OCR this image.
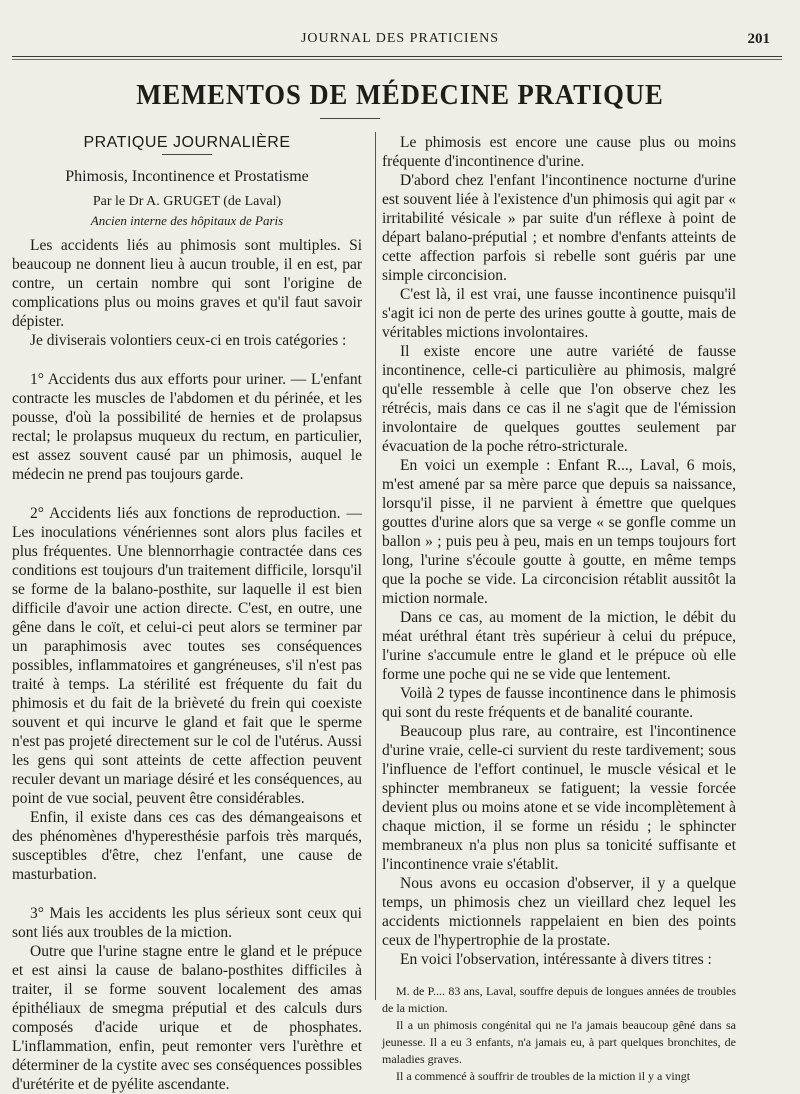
JOURNAL DES PRATICIENS	201
MEMENTOS DE MÉDECINE PRATIQUE
PRATIQUE JOURNALIÈRE
Phimosis, Incontinence et Prostatisme
Par le Dr A. GRUGET (de Laval)
Ancien interne des hôpitaux de Paris

Les accidents liés au phimosis sont multiples. Si beaucoup ne donnent lieu à aucun trouble, il en est, par contre, un certain nombre qui sont l'origine de complications plus ou moins graves et qu'il faut savoir dépister.

Je diviserais volontiers ceux-ci en trois catégories :

1° Accidents dus aux efforts pour uriner. — L'enfant contracte les muscles de l'abdomen et du périnée, et les pousse, d'où la possibilité de hernies et de prolapsus rectal; le prolapsus muqueux du rectum, en particulier, est assez souvent causé par un phimosis, auquel le médecin ne prend pas toujours garde.

2° Accidents liés aux fonctions de reproduction. — Les inoculations vénériennes sont alors plus faciles et plus fréquentes. Une blennorrhagie contractée dans ces conditions est toujours d'un traitement difficile, lorsqu'il se forme de la balano-posthite, sur laquelle il est bien difficile d'avoir une action directe. C'est, en outre, une gêne dans le coït, et celui-ci peut alors se terminer par un paraphimosis avec toutes ses conséquences possibles, inflammatoires et gangréneuses, s'il n'est pas traité à temps. La stérilité est fréquente du fait du phimosis et du fait de la brièveté du frein qui coexiste souvent et qui incurve le gland et fait que le sperme n'est pas projeté directement sur le col de l'utérus. Aussi les gens qui sont atteints de cette affection peuvent reculer devant un mariage désiré et les conséquences, au point de vue social, peuvent être considérables.

Enfin, il existe dans ces cas des démangeaisons et des phénomènes d'hyperesthésie parfois très marqués, susceptibles d'être, chez l'enfant, une cause de masturbation.

3° Mais les accidents les plus sérieux sont ceux qui sont liés aux troubles de la miction.

Outre que l'urine stagne entre le gland et le prépuce et est ainsi la cause de balano-posthites difficiles à traiter, il se forme souvent localement des amas épithéliaux de smegma préputial et des calculs durs composés d'acide urique et de phosphates. L'inflammation, enfin, peut remonter vers l'urèthre et déterminer de la cystite avec ses conséquences possibles d'urétérite et de pyélite ascendante.

Le phimosis est encore une cause plus ou moins fréquente d'incontinence d'urine.

D'abord chez l'enfant l'incontinence nocturne d'urine est souvent liée à l'existence d'un phimosis qui agit par « irritabilité vésicale » par suite d'un réflexe à point de départ balano-préputial ; et nombre d'enfants atteints de cette affection parfois si rebelle sont guéris par une simple circoncision.

C'est là, il est vrai, une fausse incontinence puisqu'il s'agit ici non de perte des urines goutte à goutte, mais de véritables mictions involontaires.

Il existe encore une autre variété de fausse incontinence, celle-ci particulière au phimosis, malgré qu'elle ressemble à celle que l'on observe chez les rétrécis, mais dans ce cas il ne s'agit que de l'émission involontaire de quelques gouttes seulement par évacuation de la poche rétro-stricturale.

En voici un exemple : Enfant R..., Laval, 6 mois, m'est amené par sa mère parce que depuis sa naissance, lorsqu'il pisse, il ne parvient à émettre que quelques gouttes d'urine alors que sa verge « se gonfle comme un ballon » ; puis peu à peu, mais en un temps toujours fort long, l'urine s'écoule goutte à goutte, en même temps que la poche se vide. La circoncision rétablit aussitôt la miction normale.

Dans ce cas, au moment de la miction, le débit du méat uréthral étant très supérieur à celui du prépuce, l'urine s'accumule entre le gland et le prépuce où elle forme une poche qui ne se vide que lentement.

Voilà 2 types de fausse incontinence dans le phimosis qui sont du reste fréquents et de banalité courante.

Beaucoup plus rare, au contraire, est l'incontinence d'urine vraie, celle-ci survient du reste tardivement; sous l'influence de l'effort continuel, le muscle vésical et le sphincter membraneux se fatiguent; la vessie forcée devient plus ou moins atone et se vide incomplètement à chaque miction, il se forme un résidu ; le sphincter membraneux n'a plus non plus sa tonicité suffisante et l'incontinence vraie s'établit.

Nous avons eu occasion d'observer, il y a quelque temps, un phimosis chez un vieillard chez lequel les accidents mictionnels rappelaient en bien des points ceux de l'hypertrophie de la prostate.

En voici l'observation, intéressante à divers titres :

M. de P.... 83 ans, Laval, souffre depuis de longues années de troubles de la miction.

Il a un phimosis congénital qui ne l'a jamais beaucoup gêné dans sa jeunesse. Il a eu 3 enfants, n'a jamais eu, à part quelques bronchites, de maladies graves.

Il a commencé à souffrir de troubles de la miction il y a vingt
